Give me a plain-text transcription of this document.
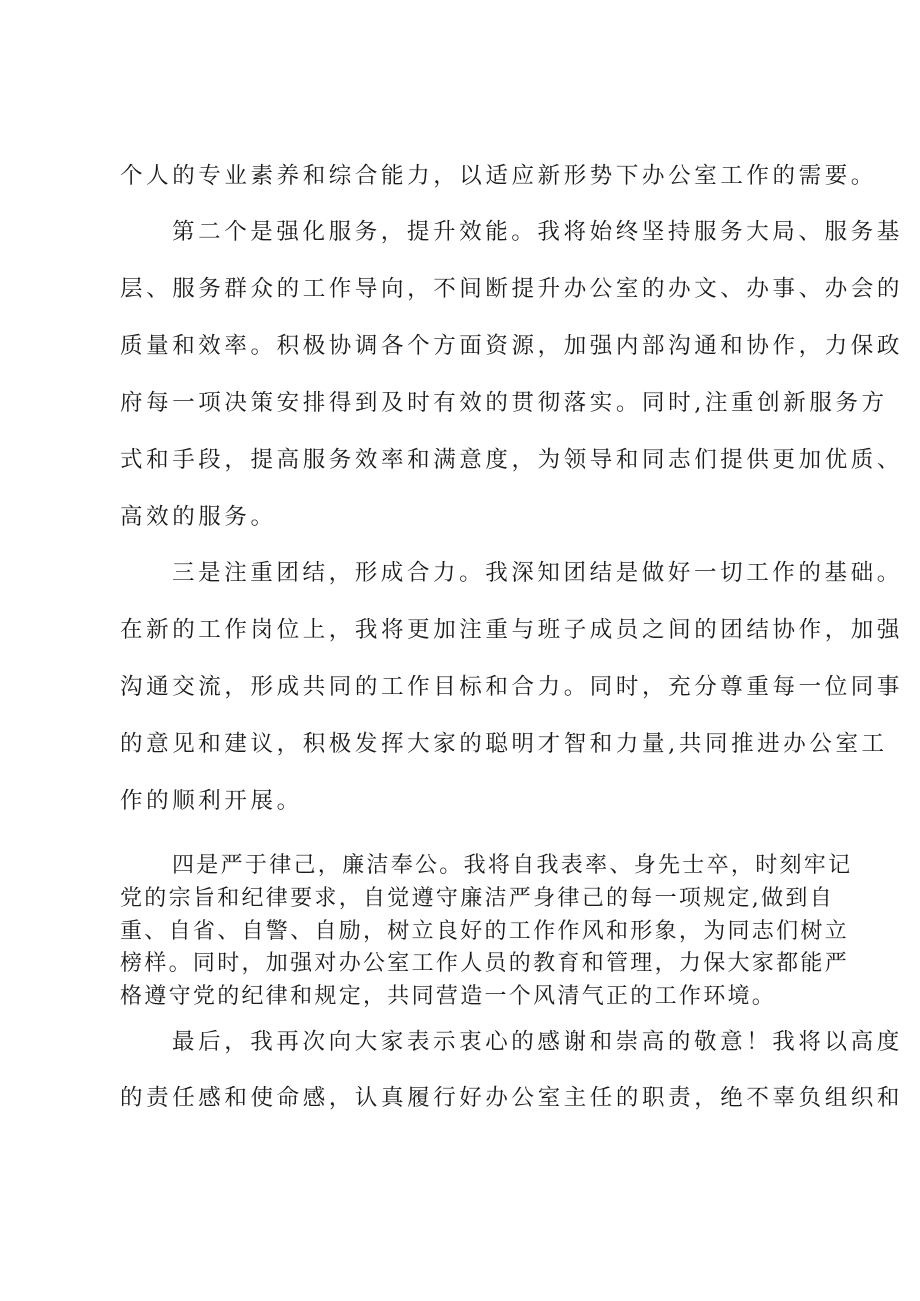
个人的专业素养和综合能力，以适应新形势下办公室工作的需要。
第二个是强化服务，提升效能。我将始终坚持服务大局、服务基
层、服务群众的工作导向，不间断提升办公室的办文、办事、办会的
质量和效率。积极协调各个方面资源，加强内部沟通和协作，力保政
府每一项决策安排得到及时有效的贯彻落实。同时,注重创新服务方
式和手段，提高服务效率和满意度，为领导和同志们提供更加优质、
高效的服务。
三是注重团结，形成合力。我深知团结是做好一切工作的基础。
在新的工作岗位上，我将更加注重与班子成员之间的团结协作，加强
沟通交流，形成共同的工作目标和合力。同时，充分尊重每一位同事
的意见和建议，积极发挥大家的聪明才智和力量,共同推进办公室工
作的顺利开展。
四是严于律己，廉洁奉公。我将自我表率、身先士卒，时刻牢记
党的宗旨和纪律要求，自觉遵守廉洁严身律己的每一项规定,做到自
重、自省、自警、自励，树立良好的工作作风和形象，为同志们树立
榜样。同时，加强对办公室工作人员的教育和管理，力保大家都能严
格遵守党的纪律和规定，共同营造一个风清气正的工作环境。
最后，我再次向大家表示衷心的感谢和崇高的敬意！我将以高度
的责任感和使命感，认真履行好办公室主任的职责，绝不辜负组织和
